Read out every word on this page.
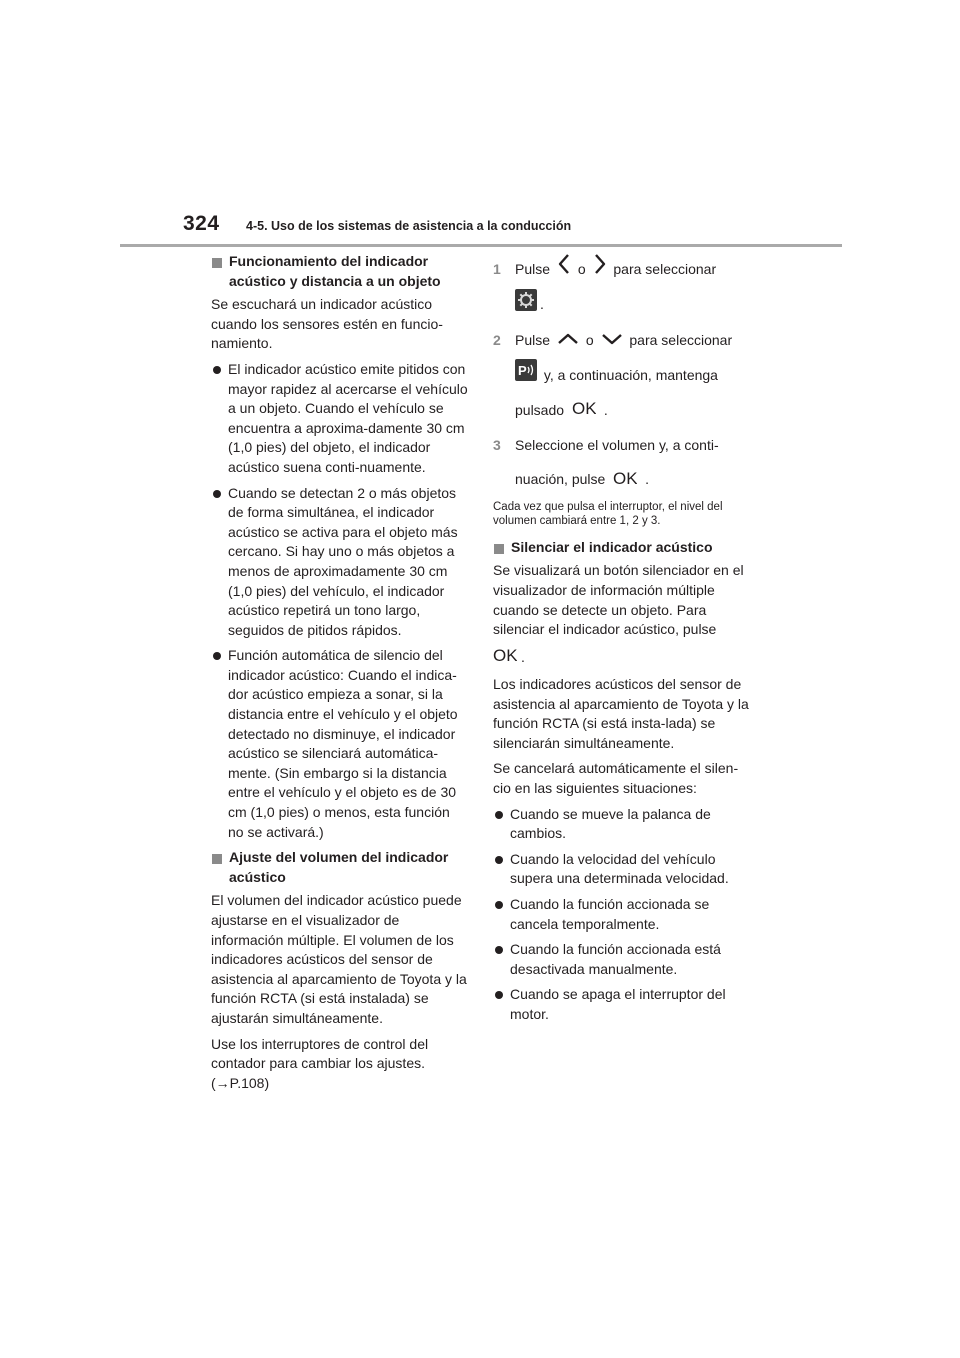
324 4-5. Uso de los sistemas de asistencia a la conducción

Funcionamiento del indicador acústico y distancia a un objeto

Se escuchará un indicador acústico cuando los sensores estén en funcio-namiento.

El indicador acústico emite pitidos con mayor rapidez al acercarse el vehículo a un objeto. Cuando el vehículo se encuentra a aproxima-damente 30 cm (1,0 pies) del objeto, el indicador acústico suena conti-nuamente.

Cuando se detectan 2 o más objetos de forma simultánea, el indicador acústico se activa para el objeto más cercano. Si hay uno o más objetos a menos de aproximadamente 30 cm (1,0 pies) del vehículo, el indicador acústico repetirá un tono largo, seguidos de pitidos rápidos.

Función automática de silencio del indicador acústico: Cuando el indica-dor acústico empieza a sonar, si la distancia entre el vehículo y el objeto detectado no disminuye, el indicador acústico se silenciará automática-mente. (Sin embargo si la distancia entre el vehículo y el objeto es de 30 cm (1,0 pies) o menos, esta función no se activará.)

Ajuste del volumen del indicador acústico

El volumen del indicador acústico puede ajustarse en el visualizador de información múltiple. El volumen de los indicadores acústicos del sensor de asistencia al aparcamiento de Toyota y la función RCTA (si está instalada) se ajustarán simultáneamente.

Use los interruptores de control del contador para cambiar los ajustes.
(→P.108)

1 Pulse o para seleccionar
.

2 Pulse	o	para seleccionar
P y, a continuación, mantenga
pulsado OK .

3 Seleccione el volumen y, a conti-
nuación, pulse OK .

Cada vez que pulsa el interruptor, el nivel del volumen cambiará entre 1, 2 y 3.

Silenciar el indicador acústico

Se visualizará un botón silenciador en el visualizador de información múltiple cuando se detecte un objeto. Para silenciar el indicador acústico, pulse

OK .

Los indicadores acústicos del sensor de asistencia al aparcamiento de Toyota y la función RCTA (si está insta-lada) se silenciarán simultáneamente.

Se cancelará automáticamente el silen-cio en las siguientes situaciones:

Cuando se mueve la palanca de cambios.

Cuando la velocidad del vehículo supera una determinada velocidad.

Cuando la función accionada se cancela temporalmente.

Cuando la función accionada está desactivada manualmente.

Cuando se apaga el interruptor del motor.
